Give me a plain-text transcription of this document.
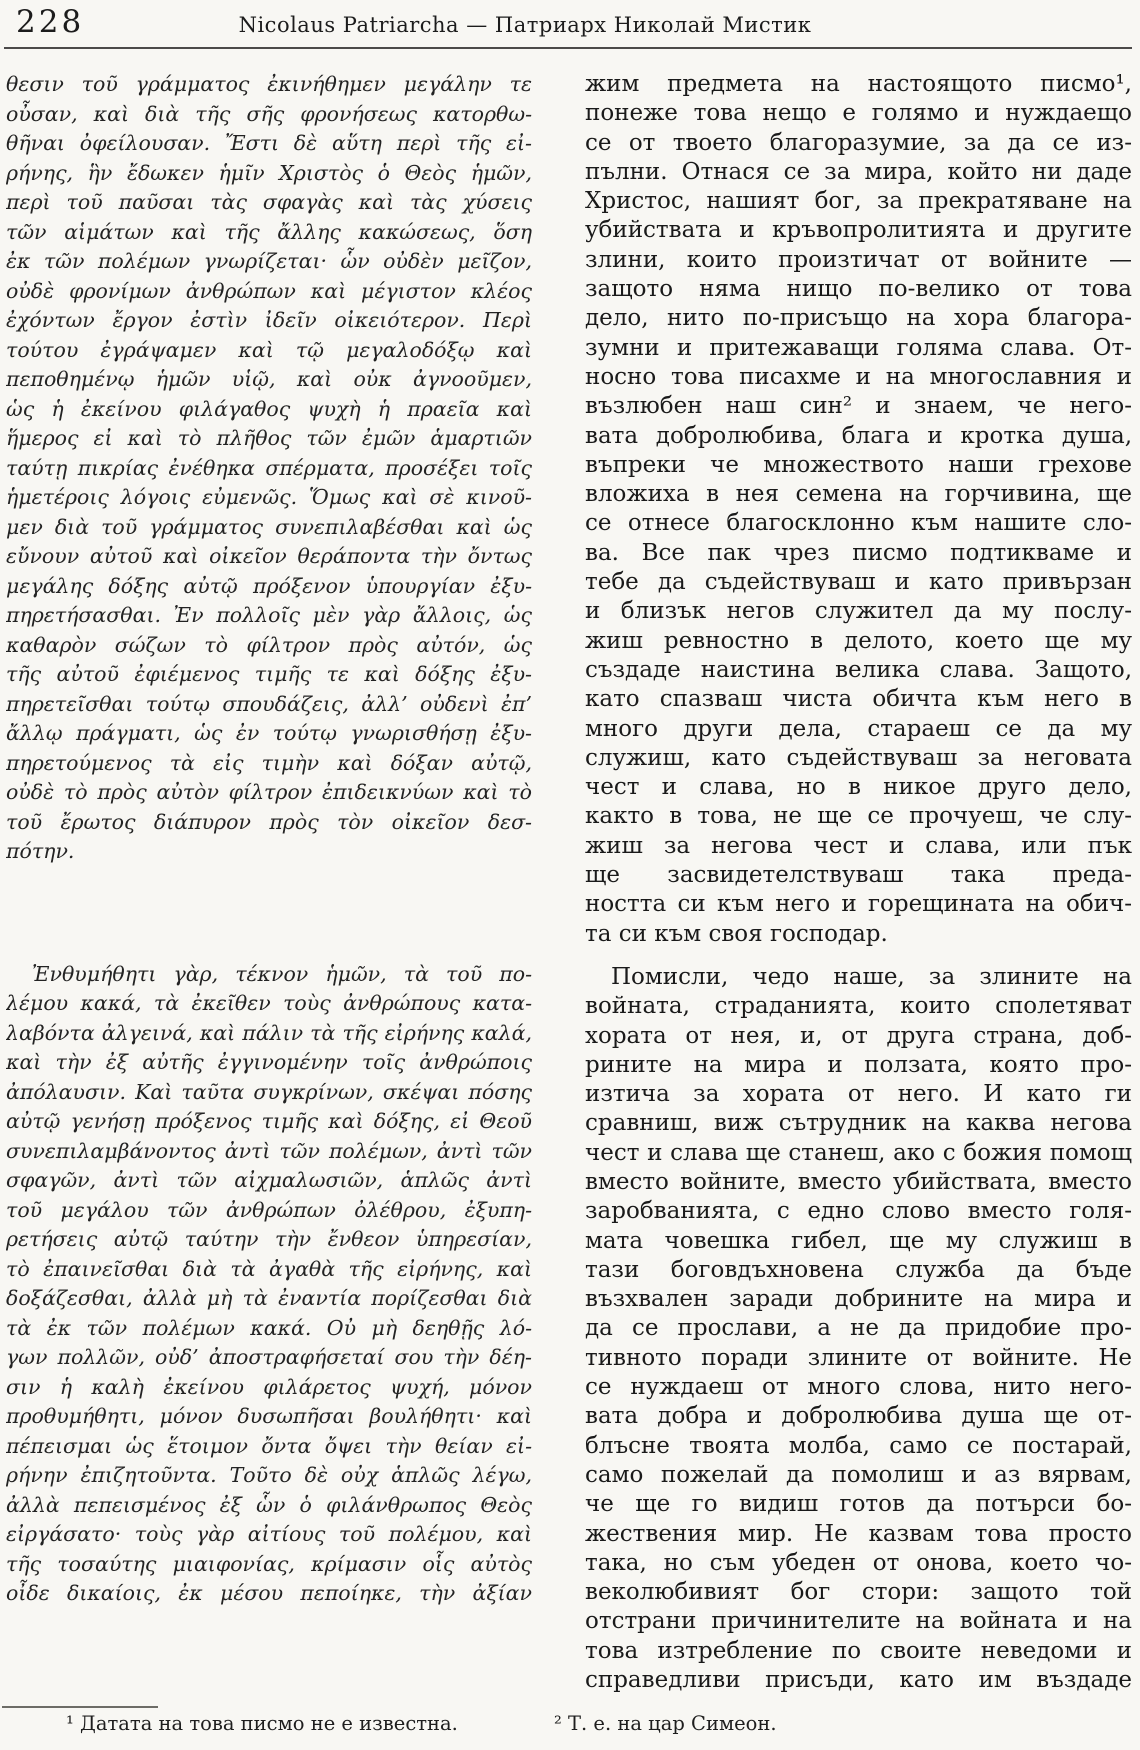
228	Nicolaus Patriarcha — Патриарх Николай Мистик
θεσιν τοῦ γράμματος ἐκινήθημεν μεγάλην τε
οὖσαν, καὶ διὰ τῆς σῆς φρονήσεως κατορθω-
θῆναι ὀφείλουσαν. Ἔστι δὲ αὕτη περὶ τῆς εἰ-
ρήνης, ἣν ἔδωκεν ἡμῖν Χριστὸς ὁ Θεὸς ἡμῶν,
περὶ τοῦ παῦσαι τὰς σφαγὰς καὶ τὰς χύσεις
τῶν αἱμάτων καὶ τῆς ἄλλης κακώσεως, ὅση
ἐκ τῶν πολέμων γνωρίζεται· ὧν οὐδὲν μεῖζον,
οὐδὲ φρονίμων ἀνθρώπων καὶ μέγιστον κλέος
ἐχόντων ἔργον ἐστὶν ἰδεῖν οἰκειότερον. Περὶ
τούτου ἐγράψαμεν καὶ τῷ μεγαλοδόξῳ καὶ
πεποθημένῳ ἡμῶν υἱῷ, καὶ οὐκ ἀγνοοῦμεν,
ὡς ἡ ἐκείνου φιλάγαθος ψυχὴ ἡ πραεῖα καὶ
ἥμερος εἰ καὶ τὸ πλῆθος τῶν ἐμῶν ἁμαρτιῶν
ταύτῃ πικρίας ἐνέθηκα σπέρματα, προσέξει τοῖς
ἡμετέροις λόγοις εὐμενῶς. Ὅμως καὶ σὲ κινοῦ-
μεν διὰ τοῦ γράμματος συνεπιλαβέσθαι καὶ ὡς
εὔνουν αὐτοῦ καὶ οἰκεῖον θεράποντα τὴν ὄντως
μεγάλης δόξης αὐτῷ πρόξενον ὑπουργίαν ἐξυ-
πηρετήσασθαι. Ἐν πολλοῖς μὲν γὰρ ἄλλοις, ὡς
καθαρὸν σώζων τὸ φίλτρον πρὸς αὐτόν, ὡς
τῆς αὐτοῦ ἐφιέμενος τιμῆς τε καὶ δόξης ἐξυ-
πηρετεῖσθαι τούτῳ σπουδάζεις, ἀλλ’ οὐδενὶ ἐπ’
ἄλλῳ πράγματι, ὡς ἐν τούτῳ γνωρισθήσῃ ἐξυ-
πηρετούμενος τὰ εἰς τιμὴν καὶ δόξαν αὐτῷ,
οὐδὲ τὸ πρὸς αὐτὸν φίλτρον ἐπιδεικνύων καὶ τὸ
τοῦ ἔρωτος διάπυρον πρὸς τὸν οἰκεῖον δεσ-
πότην.
Ἐνθυμήθητι γὰρ, τέκνον ἡμῶν, τὰ τοῦ πο-
λέμου κακά, τὰ ἐκεῖθεν τοὺς ἀνθρώπους κατα-
λαβόντα ἀλγεινά, καὶ πάλιν τὰ τῆς εἰρήνης καλά,
καὶ τὴν ἐξ αὐτῆς ἐγγινομένην τοῖς ἀνθρώποις
ἀπόλαυσιν. Καὶ ταῦτα συγκρίνων, σκέψαι πόσης
αὐτῷ γενήσῃ πρόξενος τιμῆς καὶ δόξης, εἰ Θεοῦ
συνεπιλαμβάνοντος ἀντὶ τῶν πολέμων, ἀντὶ τῶν
σφαγῶν, ἀντὶ τῶν αἰχμαλωσιῶν, ἁπλῶς ἀντὶ
τοῦ μεγάλου τῶν ἀνθρώπων ὀλέθρου, ἐξυπη-
ρετήσεις αὐτῷ ταύτην τὴν ἔνθεον ὑπηρεσίαν,
τὸ ἐπαινεῖσθαι διὰ τὰ ἀγαθὰ τῆς εἰρήνης, καὶ
δοξάζεσθαι, ἀλλὰ μὴ τὰ ἐναντία πορίζεσθαι διὰ
τὰ ἐκ τῶν πολέμων κακά. Οὐ μὴ δεηθῇς λό-
γων πολλῶν, οὐδ’ ἀποστραφήσεταί σου τὴν δέη-
σιν ἡ καλὴ ἐκείνου φιλάρετος ψυχή, μόνον
προθυμήθητι, μόνον δυσωπῆσαι βουλήθητι· καὶ
πέπεισμαι ὡς ἕτοιμον ὄντα ὄψει τὴν θείαν εἰ-
ρήνην ἐπιζητοῦντα. Τοῦτο δὲ οὐχ ἁπλῶς λέγω,
ἀλλὰ πεπεισμένος ἐξ ὧν ὁ φιλάνθρωπος Θεὸς
εἰργάσατο· τοὺς γὰρ αἰτίους τοῦ πολέμου, καὶ
τῆς τοσαύτης μιαιφονίας, κρίμασιν οἷς αὐτὸς
οἶδε δικαίοις, ἐκ μέσου πεποίηκε, τὴν ἀξίαν
жим предмета на настоящото писмо¹,
понеже това нещо е голямо и нуждаещо
се от твоето благоразумие, за да се из-
пълни. Отнася се за мира, който ни даде
Христос, нашият бог, за прекратяване на
убийствата и кръвопролитията и другите
злини, които произтичат от войните —
защото няма нищо по-велико от това
дело, нито по-присъщо на хора благора-
зумни и притежаващи голяма слава. От-
носно това писахме и на многославния и
възлюбен наш син² и знаем, че него-
вата добролюбива, блага и кротка душа,
въпреки че множеството наши грехове
вложиха в нея семена на горчивина, ще
се отнесе благосклонно към нашите сло-
ва. Все пак чрез писмо подтикваме и
тебе да съдействуваш и като привързан
и близък негов служител да му послу-
жиш ревностно в делото, което ще му
създаде наистина велика слава. Защото,
като спазваш чиста обичта към него в
много други дела, стараеш се да му
служиш, като съдействуваш за неговата
чест и слава, но в никое друго дело,
както в това, не ще се прочуеш, че слу-
жиш за негова чест и слава, или пък
ще засвидетелствуваш така преда-
ността си към него и горещината на обич-
та си към своя господар.
Помисли, чедо наше, за злините на
войната, страданията, които сполетяват
хората от нея, и, от друга страна, доб-
рините на мира и ползата, която про-
изтича за хората от него. И като ги
сравниш, виж сътрудник на каква негова
чест и слава ще станеш, ако с божия помощ
вместо войните, вместо убийствата, вместо
заробванията, с едно слово вместо голя-
мата човешка гибел, ще му служиш в
тази боговдъхновена служба да бъде
възхвален заради добрините на мира и
да се прослави, а не да придобие про-
тивното поради злините от войните. Не
се нуждаеш от много слова, нито него-
вата добра и добролюбива душа ще от-
блъсне твоята молба, само се постарай,
само пожелай да помолиш и аз вярвам,
че ще го видиш готов да потърси бо-
жествения мир. Не казвам това просто
така, но съм убеден от онова, което чо-
веколюбивият бог стори: защото той
отстрани причинителите на войната и на
това изтребление по своите неведоми и
справедливи присъди, като им въздаде
¹ Датата на това писмо не е известна.	² Т. е. на цар Симеон.
